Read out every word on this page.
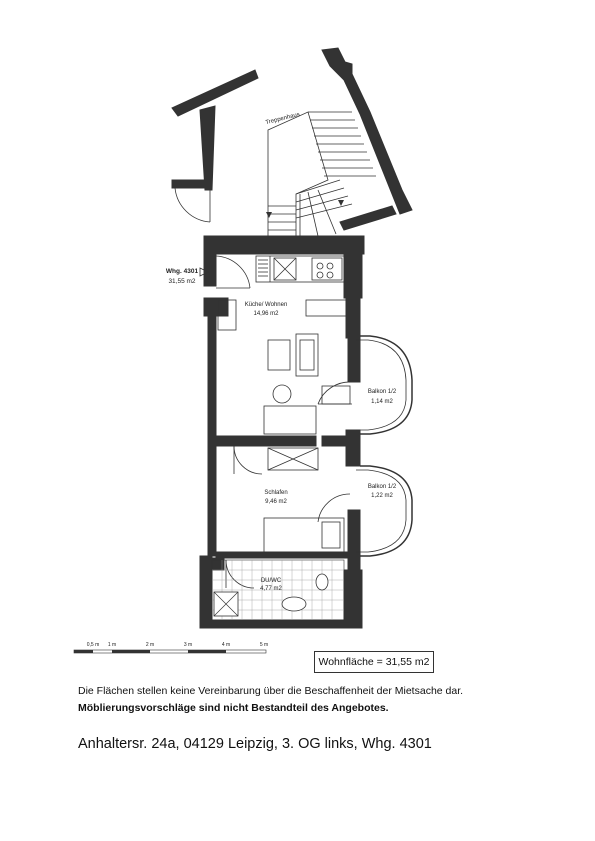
Treppenhaus
Whg. 4301
31,55 m2
Küche/ Wohnen
14,96 m2
Balkon 1/2
1,14 m2
Schlafen
9,46 m2
Balkon 1/2
1,22 m2
DU/WC
4,77 m2
0,5 m 1 m	2 m	3 m	4 m	5 m
Wohnfläche = 31,55 m2
Die Flächen stellen keine Vereinbarung über die Beschaffenheit der Mietsache dar.
Möblierungsvorschläge sind nicht Bestandteil des Angebotes.
Anhaltersr. 24a, 04129 Leipzig, 3. OG links, Whg. 4301
